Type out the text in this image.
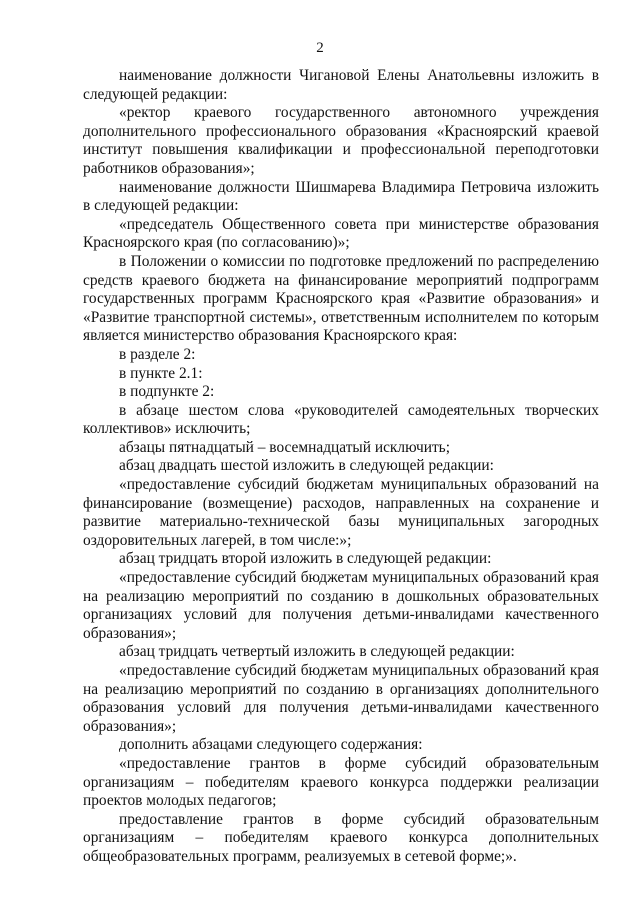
2

наименование должности Чигановой Елены Анатольевны изложить в следующей редакции:

«ректор краевого государственного автономного учреждения дополнительного профессионального образования «Красноярский краевой институт повышения квалификации и профессиональной переподготовки работников образования»;

наименование должности Шишмарева Владимира Петровича изложить в следующей редакции:

«председатель Общественного совета при министерстве образования Красноярского края (по согласованию)»;

в Положении о комиссии по подготовке предложений по распределению средств краевого бюджета на финансирование мероприятий подпрограмм государственных программ Красноярского края «Развитие образования» и «Развитие транспортной системы», ответственным исполнителем по которым является министерство образования Красноярского края:

в разделе 2:

в пункте 2.1:

в подпункте 2:

в абзаце шестом слова «руководителей самодеятельных творческих коллективов» исключить;

абзацы пятнадцатый – восемнадцатый исключить;

абзац двадцать шестой изложить в следующей редакции:

«предоставление субсидий бюджетам муниципальных образований на финансирование (возмещение) расходов, направленных на сохранение и развитие материально-технической базы муниципальных загородных оздоровительных лагерей, в том числе:»;

абзац тридцать второй изложить в следующей редакции:

«предоставление субсидий бюджетам муниципальных образований края на реализацию мероприятий по созданию в дошкольных образовательных организациях условий для получения детьми-инвалидами качественного образования»;

абзац тридцать четвертый изложить в следующей редакции:

«предоставление субсидий бюджетам муниципальных образований края на реализацию мероприятий по созданию в организациях дополнительного образования условий для получения детьми-инвалидами качественного образования»;

дополнить абзацами следующего содержания:

«предоставление грантов в форме субсидий образовательным организациям – победителям краевого конкурса поддержки реализации проектов молодых педагогов;

предоставление грантов в форме субсидий образовательным организациям – победителям краевого конкурса дополнительных общеобразовательных программ, реализуемых в сетевой форме;».
